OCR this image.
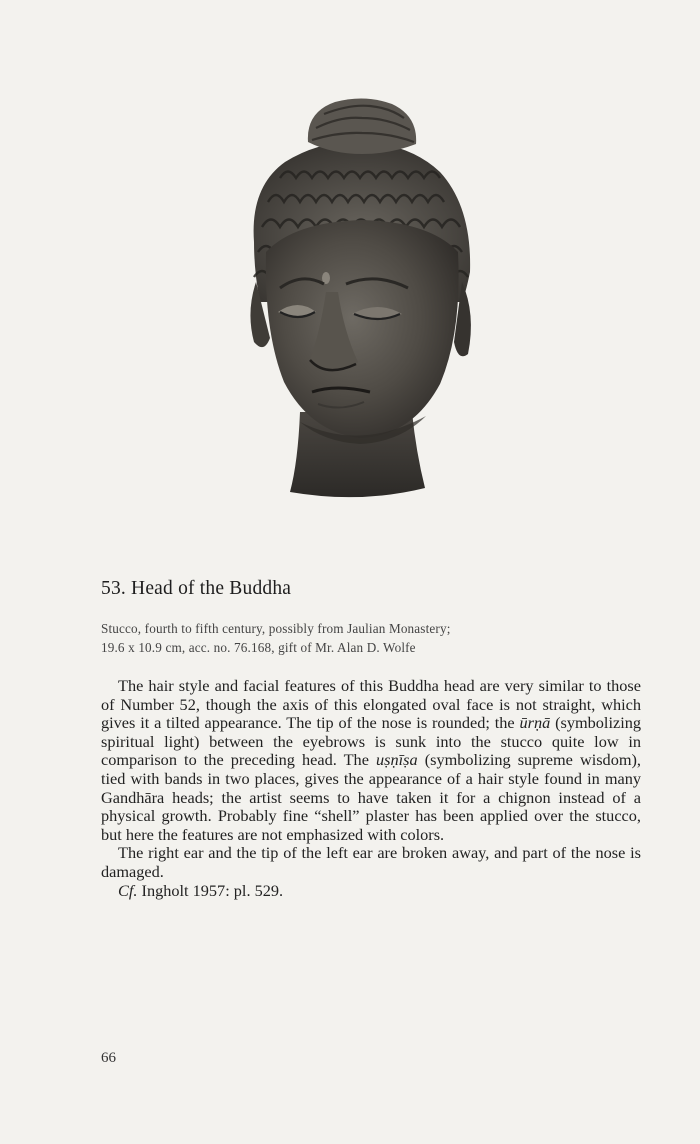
53. Head of the Buddha
Stucco, fourth to fifth century, possibly from Jaulian Monastery;
19.6 x 10.9 cm, acc. no. 76.168, gift of Mr. Alan D. Wolfe

The hair style and facial features of this Buddha head are very similar to those of Number 52, though the axis of this elongated oval face is not straight, which gives it a tilted appearance. The tip of the nose is rounded; the ūrṇā (symbolizing spiritual light) between the eyebrows is sunk into the stucco quite low in comparison to the preceding head. The uṣṇīṣa (symbolizing supreme wisdom), tied with bands in two places, gives the appearance of a hair style found in many Gandhāra heads; the artist seems to have taken it for a chignon instead of a physical growth. Probably fine “shell” plaster has been applied over the stucco, but here the features are not emphasized with colors.

The right ear and the tip of the left ear are broken away, and part of the nose is damaged.

Cf. Ingholt 1957: pl. 529.

66
